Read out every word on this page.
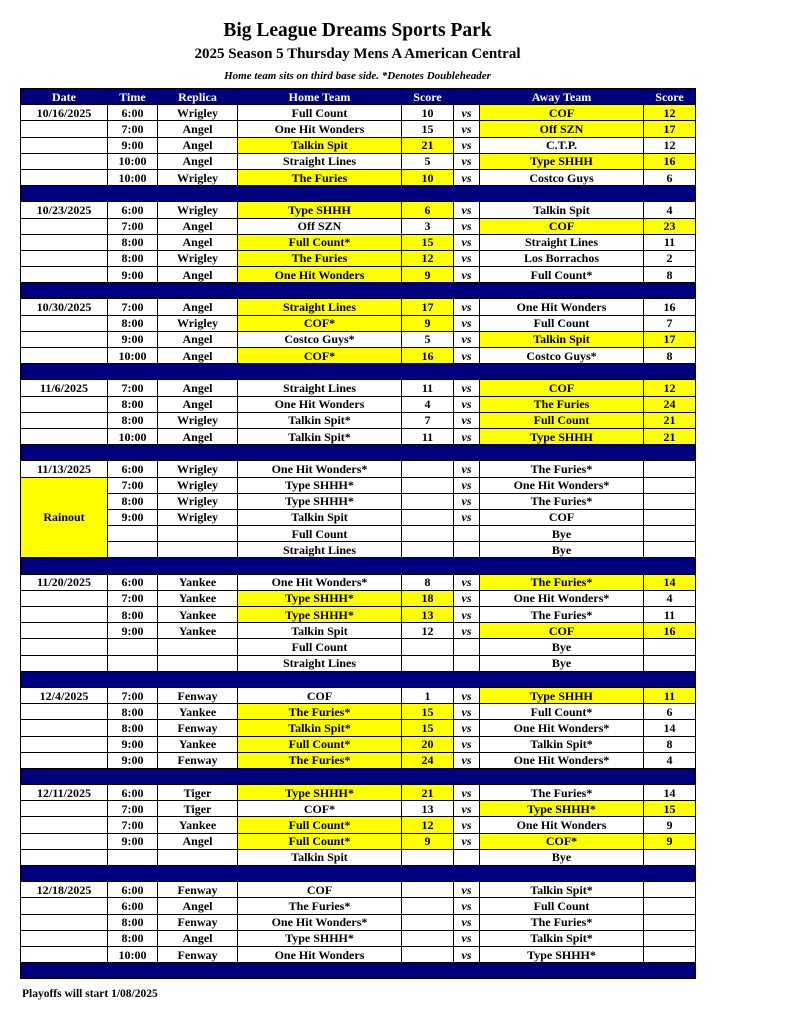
Big League Dreams Sports Park
2025 Season 5 Thursday Mens A American Central
Home team sits on third base side. *Denotes Doubleheader
Date	Time	Replica	Home Team	Score		Away Team	Score
10/16/2025	6:00	Wrigley	Full Count	10	vs	COF	12
	7:00	Angel	One Hit Wonders	15	vs	Off SZN	17
	9:00	Angel	Talkin Spit	21	vs	C.T.P.	12
	10:00	Angel	Straight Lines	5	vs	Type SHHH	16
	10:00	Wrigley	The Furies	10	vs	Costco Guys	6

10/23/2025	6:00	Wrigley	Type SHHH	6	vs	Talkin Spit	4
	7:00	Angel	Off SZN	3	vs	COF	23
	8:00	Angel	Full Count*	15	vs	Straight Lines	11
	8:00	Wrigley	The Furies	12	vs	Los Borrachos	2
	9:00	Angel	One Hit Wonders	9	vs	Full Count*	8

10/30/2025	7:00	Angel	Straight Lines	17	vs	One Hit Wonders	16
	8:00	Wrigley	COF*	9	vs	Full Count	7
	9:00	Angel	Costco Guys*	5	vs	Talkin Spit	17
	10:00	Angel	COF*	16	vs	Costco Guys*	8

11/6/2025	7:00	Angel	Straight Lines	11	vs	COF	12
	8:00	Angel	One Hit Wonders	4	vs	The Furies	24
	8:00	Wrigley	Talkin Spit*	7	vs	Full Count	21
	10:00	Angel	Talkin Spit*	11	vs	Type SHHH	21

11/13/2025	6:00	Wrigley	One Hit Wonders*		vs	The Furies*	
Rainout	7:00	Wrigley	Type SHHH*		vs	One Hit Wonders*	
	8:00	Wrigley	Type SHHH*		vs	The Furies*	
	9:00	Wrigley	Talkin Spit		vs	COF	
			Full Count			Bye	
			Straight Lines			Bye	

11/20/2025	6:00	Yankee	One Hit Wonders*	8	vs	The Furies*	14
	7:00	Yankee	Type SHHH*	18	vs	One Hit Wonders*	4
	8:00	Yankee	Type SHHH*	13	vs	The Furies*	11
	9:00	Yankee	Talkin Spit	12	vs	COF	16
			Full Count			Bye	
			Straight Lines			Bye	

12/4/2025	7:00	Fenway	COF	1	vs	Type SHHH	11
	8:00	Yankee	The Furies*	15	vs	Full Count*	6
	8:00	Fenway	Talkin Spit*	15	vs	One Hit Wonders*	14
	9:00	Yankee	Full Count*	20	vs	Talkin Spit*	8
	9:00	Fenway	The Furies*	24	vs	One Hit Wonders*	4

12/11/2025	6:00	Tiger	Type SHHH*	21	vs	The Furies*	14
	7:00	Tiger	COF*	13	vs	Type SHHH*	15
	7:00	Yankee	Full Count*	12	vs	One Hit Wonders	9
	9:00	Angel	Full Count*	9	vs	COF*	9
			Talkin Spit			Bye	

12/18/2025	6:00	Fenway	COF		vs	Talkin Spit*	
	6:00	Angel	The Furies*		vs	Full Count	
	8:00	Fenway	One Hit Wonders*		vs	The Furies*	
	8:00	Angel	Type SHHH*		vs	Talkin Spit*	
	10:00	Fenway	One Hit Wonders		vs	Type SHHH*	

Playoffs will start 1/08/2025
